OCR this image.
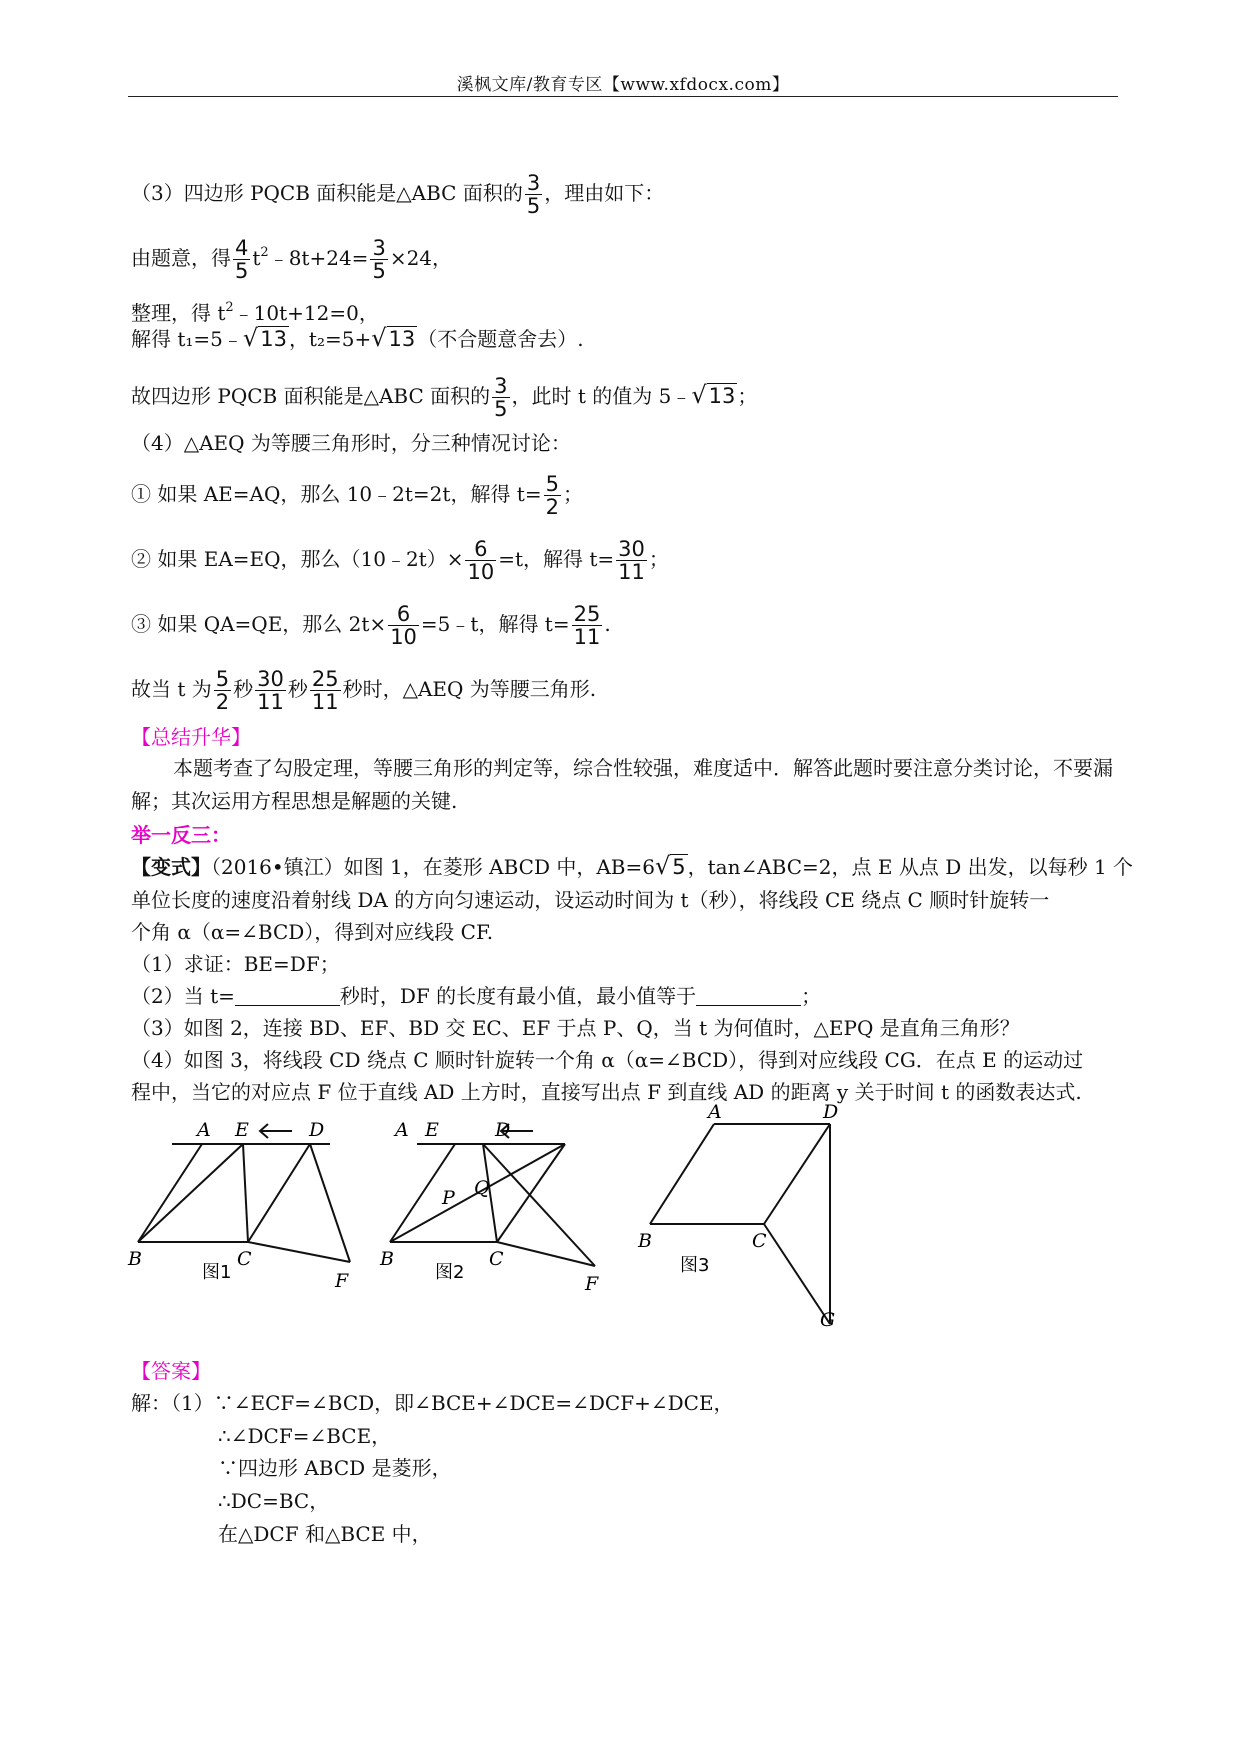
溪枫文库/教育专区【www.xfdocx.com】
（3）四边形 PQCB 面积能是△ABC 面积的 $\frac{3}{5}$ ，理由如下：
由题意，得 $\frac{4}{5}$ $t^2﹣8t+24= \frac{3}{5} \times 24$，
整理，得 $t^2﹣10t+12=0$，
解得 t₁=5﹣√13 ，t₂=5+√13 （不合题意舍去）.
故四边形 PQCB 面积能是△ABC 面积的 $\frac{3}{5}$ ，此时 t 的值为 5﹣√13 ；
（4）△AEQ 为等腰三角形时，分三种情况讨论：
① 如果 AE=AQ，那么 10﹣2t=2t，解得 $t= \frac{5}{2}$ ；
② 如果 EA=EQ，那么（10﹣2t）× $\frac{6}{10} =t$，解得 $t= \frac{30}{11}$ ；
③ 如果 QA=QE，那么 $2t\times \frac{6}{10}$ =5﹣t，解得 $t= \frac{25}{11}$ .
故当 t 为 $\frac{5}{2}$ 秒 $\frac{30}{11}$ 秒 $\frac{25}{11}$ 秒时，△AEQ 为等腰三角形.
【总结升华】
本题考查了勾股定理，等腰三角形的判定等，综合性较强，难度适中．解答此题时要注意分类讨论，不要漏解；其次运用方程思想是解题的关键.
举一反三：
【变式】（2016•镇江）如图 1，在菱形 ABCD 中，AB=6√5 ，tan∠ABC=2，点 E 从点 D 出发，以每秒 1 个
单位长度的速度沿着射线 DA 的方向匀速运动，设运动时间为 t（秒），将线段 CE 绕点 C 顺时针旋转一
个角 α（α=∠BCD），得到对应线段 CF.
（1）求证：BE=DF；
（2）当 t=	秒时，DF 的长度有最小值，最小值等于	；
（3）如图 2，连接 BD、EF、BD 交 EC、EF 于点 P、Q，当 t 为何值时，△EPQ 是直角三角形？
（4）如图 3，将线段 CD 绕点 C 顺时针旋转一个角 α（α=∠BCD），得到对应线段 CG．在点 E 的运动过
程中，当它的对应点 F 位于直线 AD 上方时，直接写出点 F 到直线 AD 的距离 y 关于时间 t 的函数表达式.
A E	D
B	C
F
图1
A E	D
P Q
B	C
F
图2
A	D
B	C
G
图3
【答案】
解：（1）∵∠ECF=∠BCD，即∠BCE+∠DCE=∠DCF+∠DCE，
∴∠DCF=∠BCE，
∵四边形 ABCD 是菱形，
∴DC=BC，
在△DCF 和△BCE 中，
